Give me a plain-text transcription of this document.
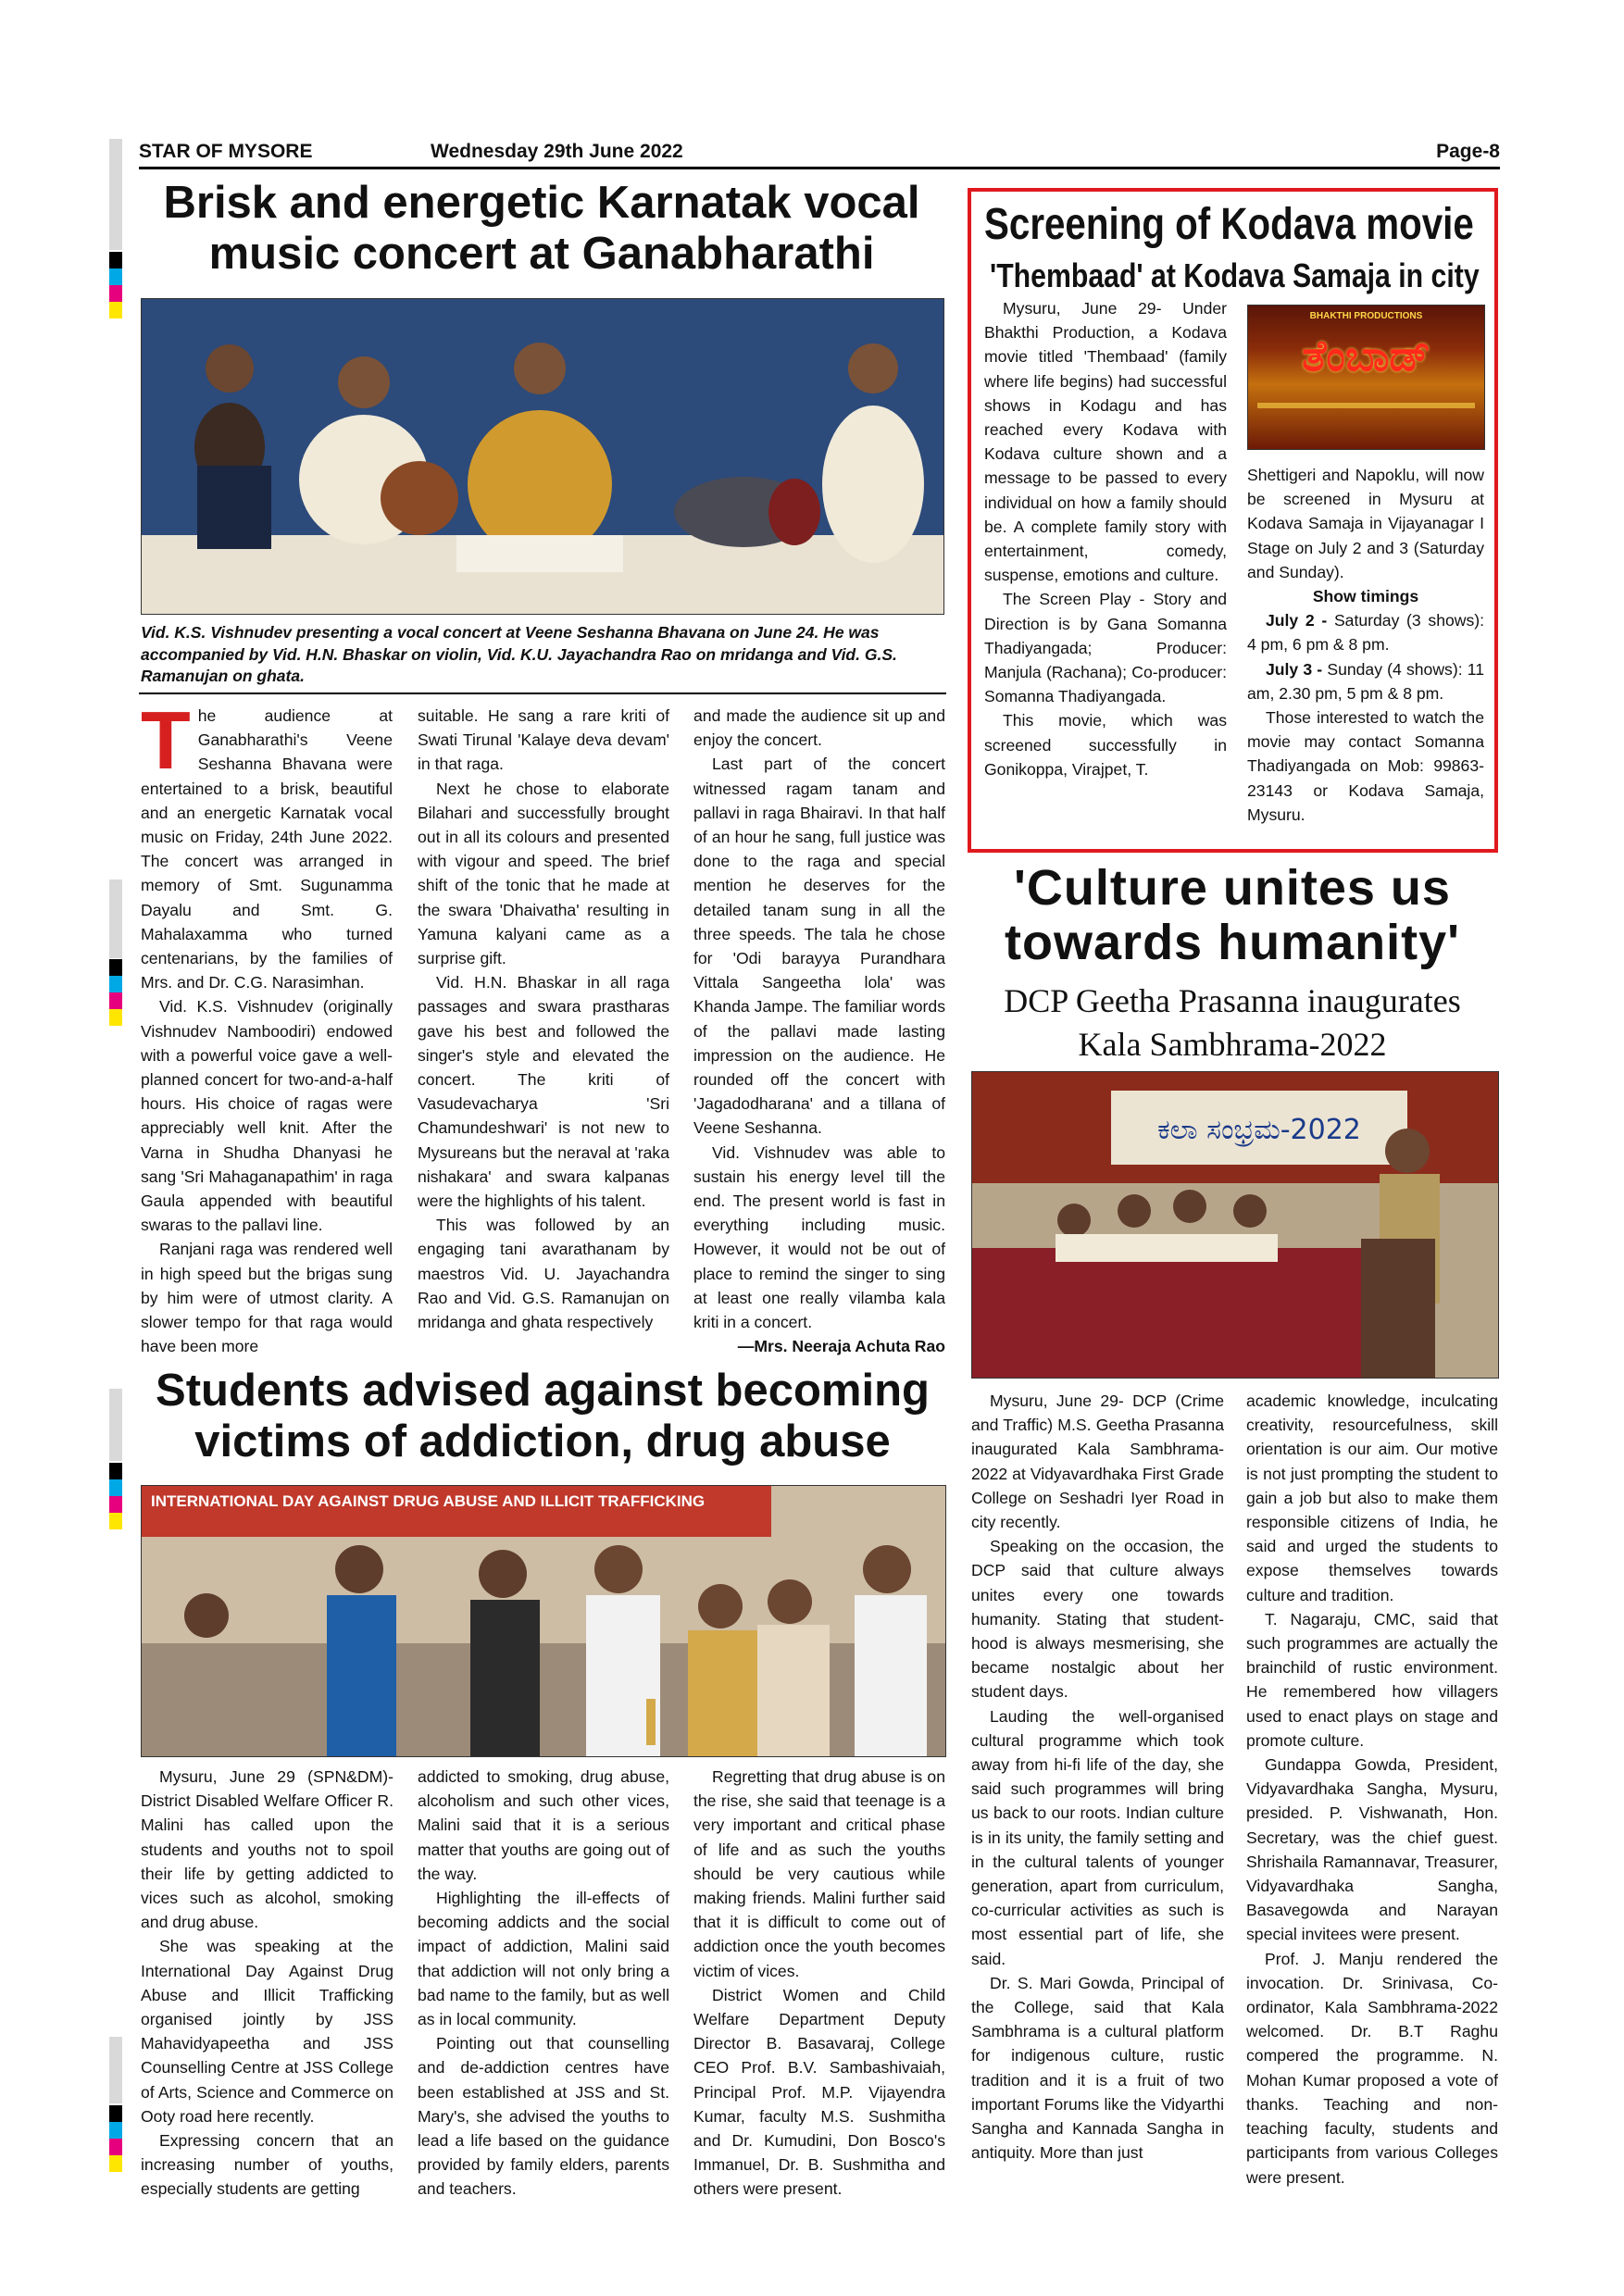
STAR OF MYSORE	Wednesday 29th June 2022	Page-8
Brisk and energetic Karnatak vocal
music concert at Ganabharathi
Vid. K.S. Vishnudev presenting a vocal concert at Veene Seshanna Bhavana on June 24. He was accompanied by Vid. H.N. Bhaskar on violin, Vid. K.U. Jayachandra Rao on mridanga and Vid. G.S. Ramanujan on ghata.
T he audience at Ganabharathi's Veene Seshanna Bhavana were entertained to a brisk, beautiful and an energetic Karnatak vocal music on Friday, 24th June 2022. The concert was arranged in memory of Smt. Sugunamma Dayalu and Smt. G. Mahalaxamma who turned centenarians, by the families of Mrs. and Dr. C.G. Narasimhan.

Vid. K.S. Vishnudev (originally Vishnudev Namboodiri) endowed with a powerful voice gave a well-planned concert for two-and-a-half hours. His choice of ragas were appreciably well knit. After the Varna in Shudha Dhanyasi he sang 'Sri Mahaganapathim' in raga Gaula appended with beautiful swaras to the pallavi line.

Ranjani raga was rendered well in high speed but the brigas sung by him were of utmost clarity. A slower tempo for that raga would have been more

suitable. He sang a rare kriti of Swati Tirunal 'Kalaye deva devam' in that raga.

Next he chose to elaborate Bilahari and successfully brought out in all its colours and presented with vigour and speed. The brief shift of the tonic that he made at the swara 'Dhaivatha' resulting in Yamuna kalyani came as a surprise gift.

Vid. H.N. Bhaskar in all raga passages and swara prastharas gave his best and followed the singer's style and elevated the concert. The kriti of Vasudevacharya 'Sri Chamundeshwari' is not new to Mysureans but the neraval at 'raka nishakara' and swara kalpanas were the highlights of his talent.

This was followed by an engaging tani avarathanam by maestros Vid. U. Jayachandra Rao and Vid. G.S. Ramanujan on mridanga and ghata respectively

and made the audience sit up and enjoy the concert.

Last part of the concert witnessed ragam tanam and pallavi in raga Bhairavi. In that half of an hour he sang, full justice was done to the raga and special mention he deserves for the detailed tanam sung in all the three speeds. The tala he chose for 'Odi barayya Purandhara Vittala Sangeetha lola' was Khanda Jampe. The familiar words of the pallavi made lasting impression on the audience. He rounded off the concert with 'Jagadodharana' and a tillana of Veene Seshanna.

Vid. Vishnudev was able to sustain his energy level till the end. The present world is fast in everything including music. However, it would not be out of place to remind the singer to sing at least one really vilamba kala kriti in a concert.

—Mrs. Neeraja Achuta Rao

Screening of Kodava movie
'Thembaad' at Kodava Samaja in city

Mysuru, June 29- Under Bhakthi Production, a Kodava movie titled 'Thembaad' (family where life begins) had successful shows in Kodagu and has reached every Kodava with Kodava culture shown and a message to be passed to every individual on how a family should be. A complete family story with entertainment, comedy, suspense, emotions and culture.

The Screen Play - Story and Direction is by Gana Somanna Thadiyangada; Producer: Manjula (Rachana); Co-producer: Somanna Thadiyangada.

This movie, which was screened successfully in Gonikoppa, Virajpet, T.

BHAKTHI PRODUCTIONS
ತೆಂಬಾಡ್

Shettigeri and Napoklu, will now be screened in Mysuru at Kodava Samaja in Vijayanagar I Stage on July 2 and 3 (Saturday and Sunday).

Show timings

July 2 - Saturday (3 shows): 4 pm, 6 pm & 8 pm.

July 3 - Sunday (4 shows): 11 am, 2.30 pm, 5 pm & 8 pm.

Those interested to watch the movie may contact Somanna Thadiyangada on Mob: 99863-23143 or Kodava Samaja, Mysuru.

'Culture unites us
towards humanity'
DCP Geetha Prasanna inaugurates
Kala Sambhrama-2022
ಕಲಾ ಸಂಭ್ರಮ-2022

Mysuru, June 29- DCP (Crime and Traffic) M.S. Geetha Prasanna inaugurated Kala Sambhrama-2022 at Vidyavardhaka First Grade College on Seshadri Iyer Road in city recently.

Speaking on the occasion, the DCP said that culture always unites every one towards humanity. Stating that student-hood is always mesmerising, she became nostalgic about her student days.

Lauding the well-organised cultural programme which took away from hi-fi life of the day, she said such programmes will bring us back to our roots. Indian culture is in its unity, the family setting and in the cultural talents of younger generation, apart from curriculum, co-curricular activities as such is most essential part of life, she said.

Dr. S. Mari Gowda, Principal of the College, said that Kala Sambhrama is a cultural platform for indigenous culture, rustic tradition and it is a fruit of two important Forums like the Vidyarthi Sangha and Kannada Sangha in antiquity. More than just

academic knowledge, inculcating creativity, resourcefulness, skill orientation is our aim. Our motive is not just prompting the student to gain a job but also to make them responsible citizens of India, he said and urged the students to expose themselves towards culture and tradition.

T. Nagaraju, CMC, said that such programmes are actually the brainchild of rustic environment. He remembered how villagers used to enact plays on stage and promote culture.

Gundappa Gowda, President, Vidyavardhaka Sangha, Mysuru, presided. P. Vishwanath, Hon. Secretary, was the chief guest. Shrishaila Ramannavar, Treasurer, Vidyavardhaka Sangha, Basavegowda and Narayan special invitees were present.

Prof. J. Manju rendered the invocation. Dr. Srinivasa, Co-ordinator, Kala Sambhrama-2022 welcomed. Dr. B.T Raghu compered the programme. N. Mohan Kumar proposed a vote of thanks. Teaching and non-teaching faculty, students and participants from various Colleges were present.

Students advised against becoming
victims of addiction, drug abuse
INTERNATIONAL DAY AGAINST DRUG ABUSE AND ILLICIT TRAFFICKING

Mysuru, June 29 (SPN&DM)- District Disabled Welfare Officer R. Malini has called upon the students and youths not to spoil their life by getting addicted to vices such as alcohol, smoking and drug abuse.

She was speaking at the International Day Against Drug Abuse and Illicit Trafficking organised jointly by JSS Mahavidyapeetha and JSS Counselling Centre at JSS College of Arts, Science and Commerce on Ooty road here recently.

Expressing concern that an increasing number of youths, especially students are getting

addicted to smoking, drug abuse, alcoholism and such other vices, Malini said that it is a serious matter that youths are going out of the way.

Highlighting the ill-effects of becoming addicts and the social impact of addiction, Malini said that addiction will not only bring a bad name to the family, but as well as in local community.

Pointing out that counselling and de-addiction centres have been established at JSS and St. Mary's, she advised the youths to lead a life based on the guidance provided by family elders, parents and teachers.

Regretting that drug abuse is on the rise, she said that teenage is a very important and critical phase of life and as such the youths should be very cautious while making friends. Malini further said that it is difficult to come out of addiction once the youth becomes victim of vices.

District Women and Child Welfare Department Deputy Director B. Basavaraj, College CEO Prof. B.V. Sambashivaiah, Principal Prof. M.P. Vijayendra Kumar, faculty M.S. Sushmitha and Dr. Kumudini, Don Bosco's Immanuel, Dr. B. Sushmitha and others were present.
